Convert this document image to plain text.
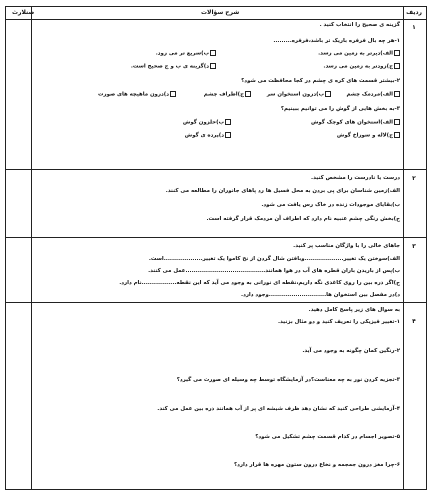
ردیف
شرح سؤالات
صنلارث
۱
گزینه ی صحیح را انتخاب کنید .
۱-هر چه بال فرفره باریک تر باشد،فرفره.........
الف)دیرتر به زمین می رسد.
ب)سریع تر می رود.
ج)زودتر به زمین می رسد.
د)گزینه ی ب و ج صحیح است.
۲-بیشتر قسمت های کره ی چشم در کجا محافظت می شود؟
الف)مردمک چشم
ب)درون استخوان سر
ج)اطراف چشم
د)درون ماهیچه های صورت
۳-به بخش هایی از گوش را می توانیم ببینیم؟
الف)استخوان های کوچک گوش
ب)حلزون گوش
ج)لاله و سوراخ گوش
د)پرده ی گوش
۲
درست یا نادرست را مشخص کنید.
الف)زمین شناسان برای پی بردن به محل فسیل ها رد پاهای جانوران را مطالعه می کنند.
ب)بقایای موجودات زنده در خاک رس یافت می شود.
ج)بخش رنگی چشم عنبیه نام دارد که اطراف آن مردمک قرار گرفته است.
۳
جاهای خالی را با واژگان مناسب پر کنید.
الف)سوختن یک تغییر...................وبافتن شال گردن از نخ کاموا یک تغییر...................است.
ب)پس از باریدن باران قطره های آب در هوا همانند.......................................عمل می کنند.
ج)اگر ذره بین را روی کاغذی نگه داریم،نقطه ای نورانی به وجود می آید که این نقطه.................نام دارد.
د)در مفصل بین استخوان ها............................وجود دارد.
۴
به سوال های زیر پاسخ کامل دهید.
۱-تغییر فیزیکی را تعریف کنید و دو مثال بزنید.
۲-رنگین کمان چگونه به وجود می آید.
۳-تجزیه کردن نور به چه معناست؟در آزمایشگاه توسط چه وسیله ای صورت می گیرد؟
۴-آزمایشی طراحی کنید که نشان دهد ظرف شیشه ای پر از آب همانند ذره بین عمل می کند.
۵-تصویر اجسام در کدام قسمت چشم تشکیل می شود؟
۶-چرا مغز درون جمجمه و نخاع درون ستون مهره ها قرار دارد؟
